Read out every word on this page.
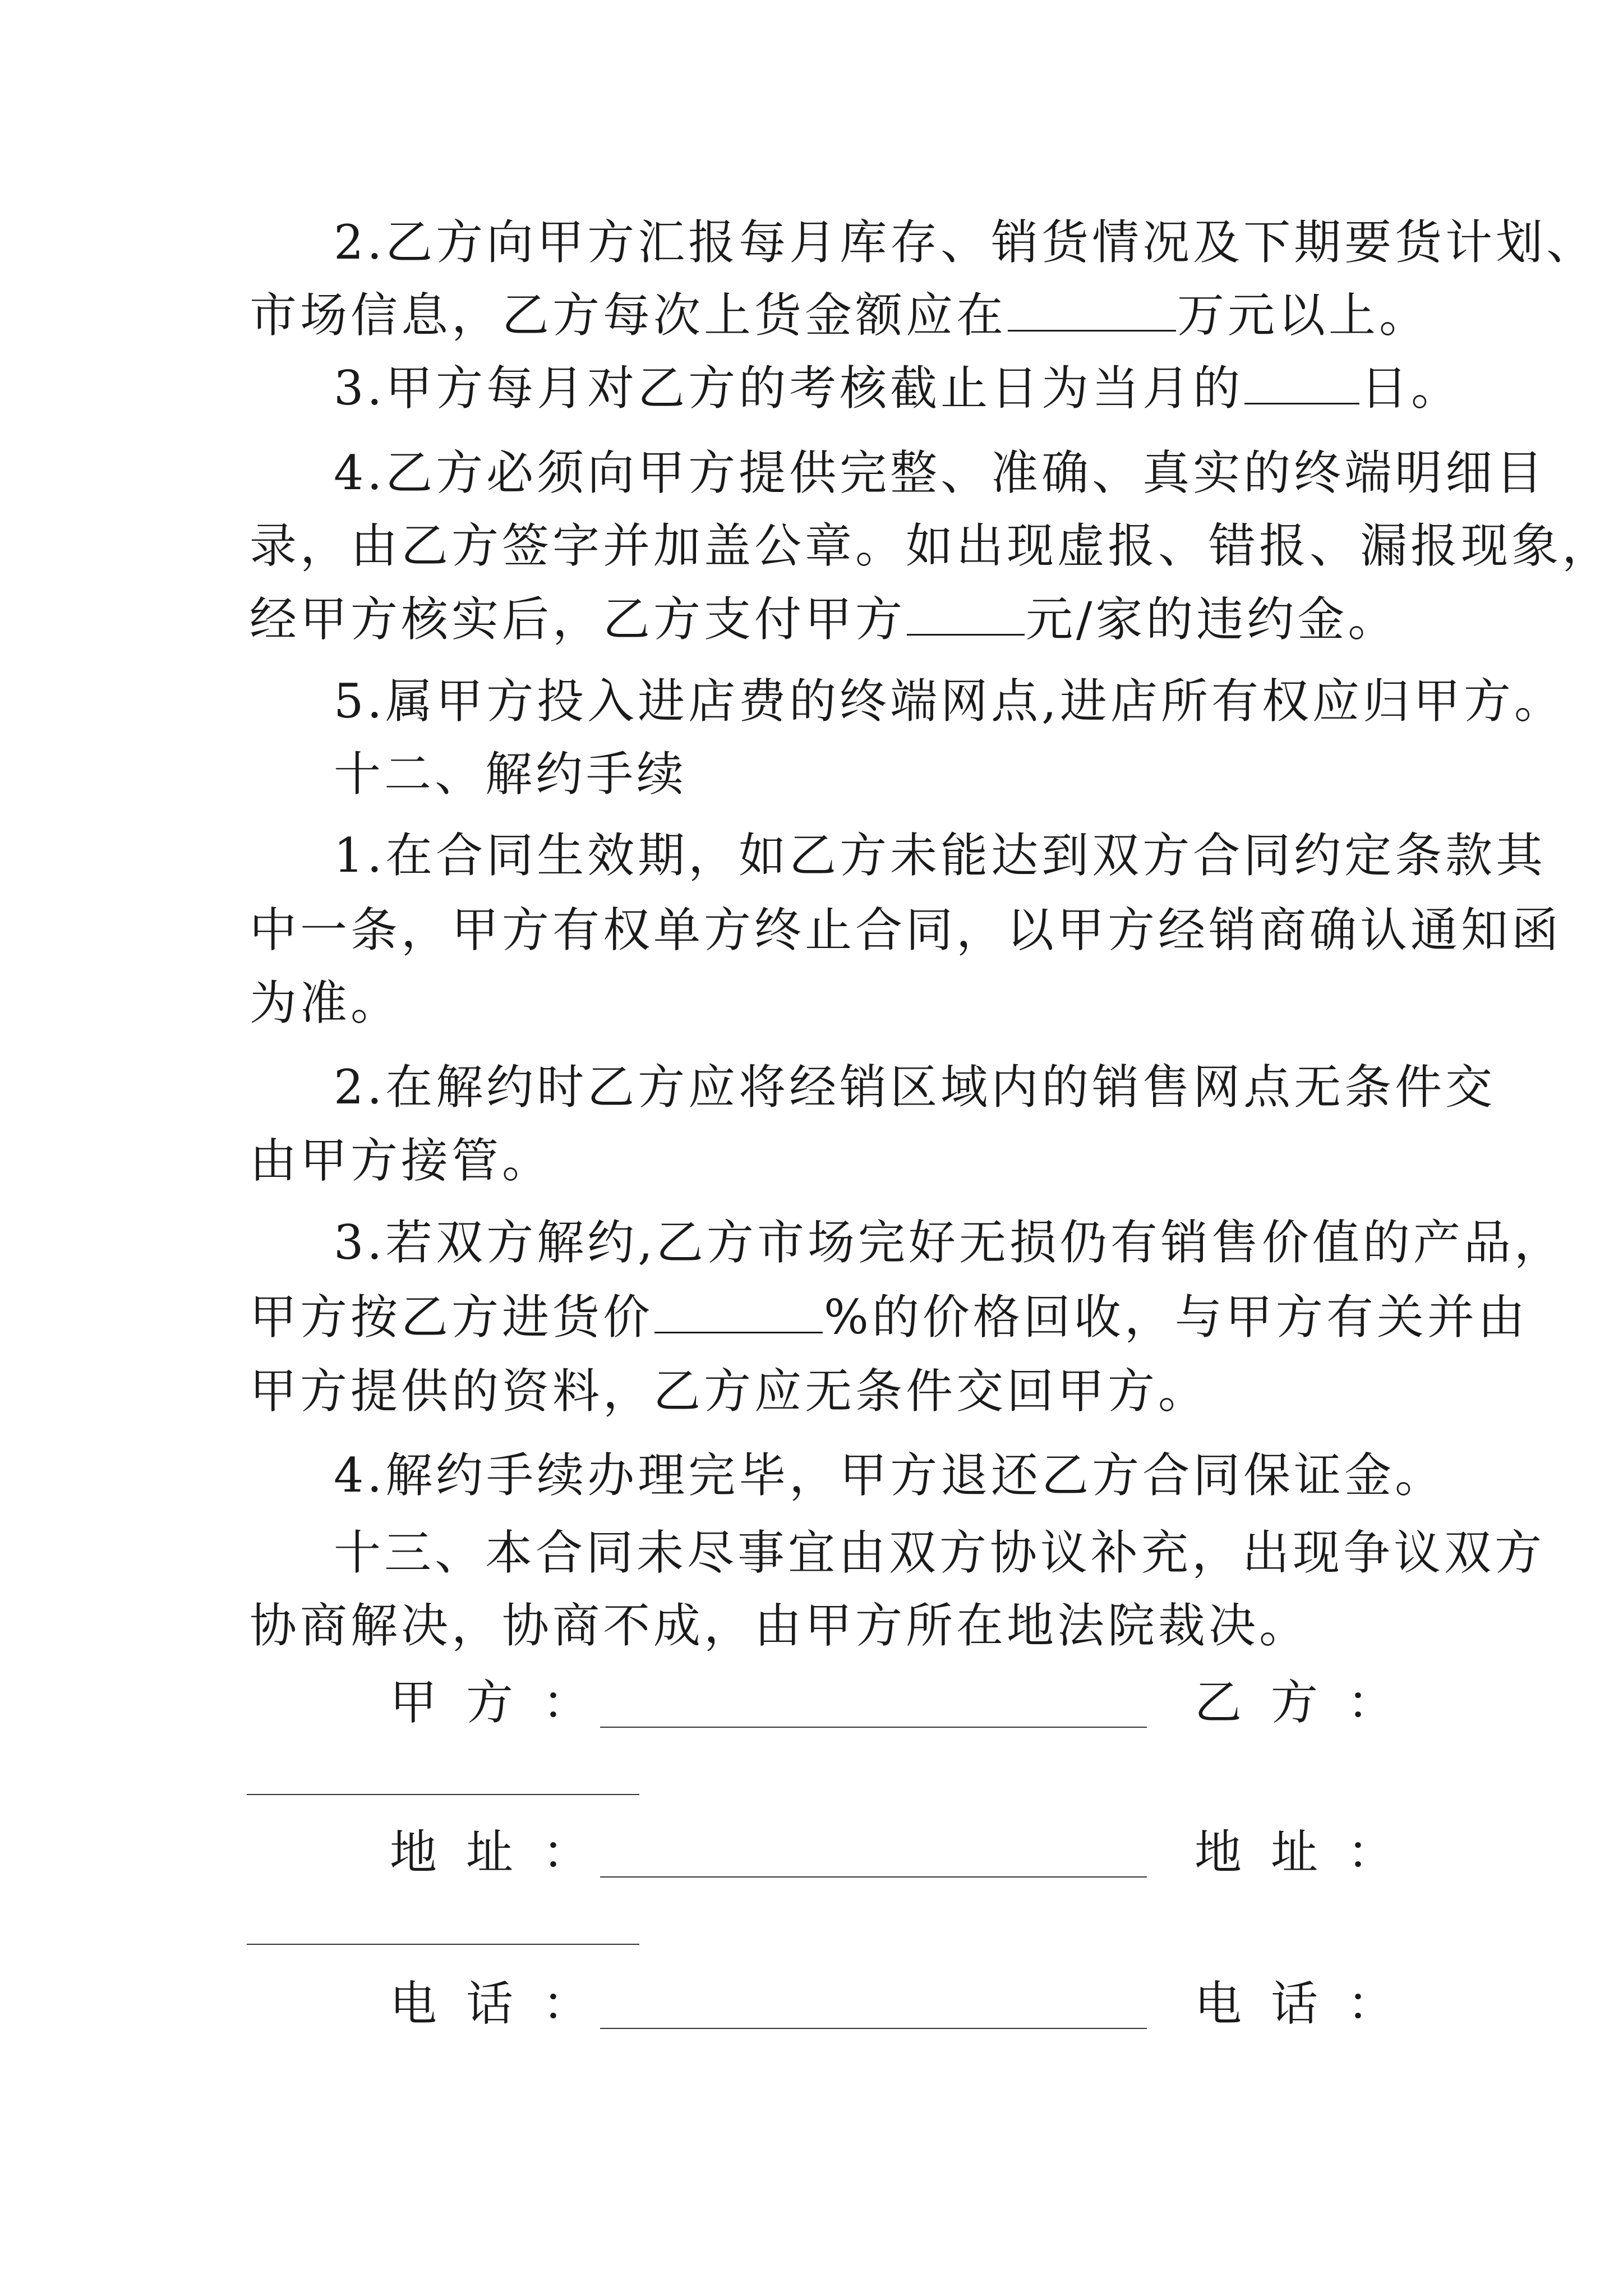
2.乙方向甲方汇报每月库存、销货情况及下期要货计划、
市场信息，乙方每次上货金额应在	万元以上。
3.甲方每月对乙方的考核截止日为当月的 日。
4.乙方必须向甲方提供完整、准确、真实的终端明细目
录，由乙方签字并加盖公章。如出现虚报、错报、漏报现象，
经甲方核实后，乙方支付甲方	元/家的违约金。
5.属甲方投入进店费的终端网点,进店所有权应归甲方。
十二、解约手续
1.在合同生效期，如乙方未能达到双方合同约定条款其
中一条，甲方有权单方终止合同，以甲方经销商确认通知函
为准。
2.在解约时乙方应将经销区域内的销售网点无条件交
由甲方接管。
3.若双方解约,乙方市场完好无损仍有销售价值的产品，
甲方按乙方进货价	%的价格回收，与甲方有关并由
甲方提供的资料，乙方应无条件交回甲方。
4.解约手续办理完毕，甲方退还乙方合同保证金。
十三、本合同未尽事宜由双方协议补充，出现争议双方
协商解决，协商不成，由甲方所在地法院裁决。
甲方：	乙方：
地址：	地址：
电话：	电话：
